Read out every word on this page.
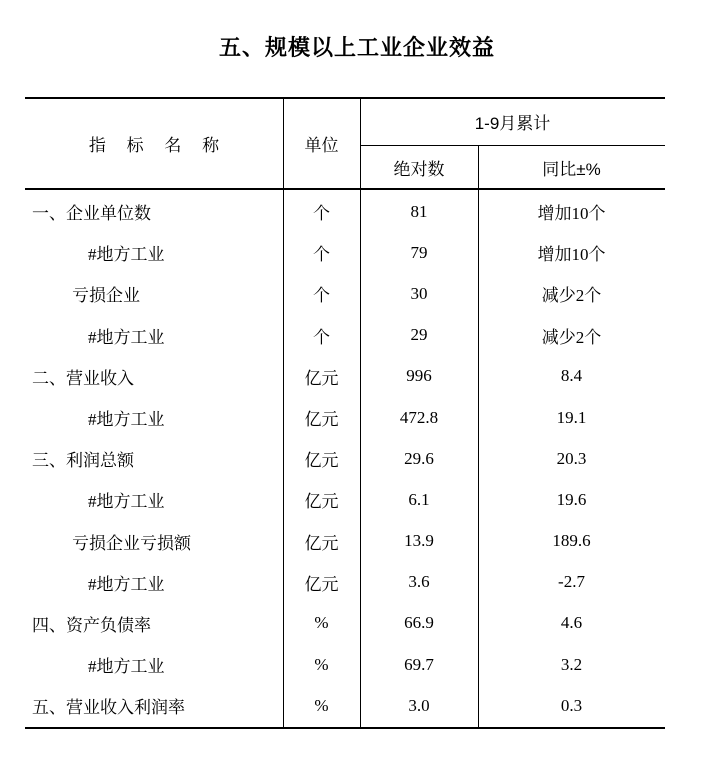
五、规模以上工业企业效益
指 标 名 称	单位
1-9月累计
绝对数	同比±%
一、企业单位数	个	81	增加10个
#地方工业	个	79	增加10个
亏损企业	个	30	减少2个
#地方工业	个	29	减少2个
二、营业收入	亿元	996	8.4
#地方工业	亿元	472.8	19.1
三、利润总额	亿元	29.6	20.3
#地方工业	亿元	6.1	19.6
亏损企业亏损额	亿元	13.9	189.6
#地方工业	亿元	3.6	-2.7
四、资产负债率	%	66.9	4.6
#地方工业	%	69.7	3.2
五、营业收入利润率	%	3.0	0.3
